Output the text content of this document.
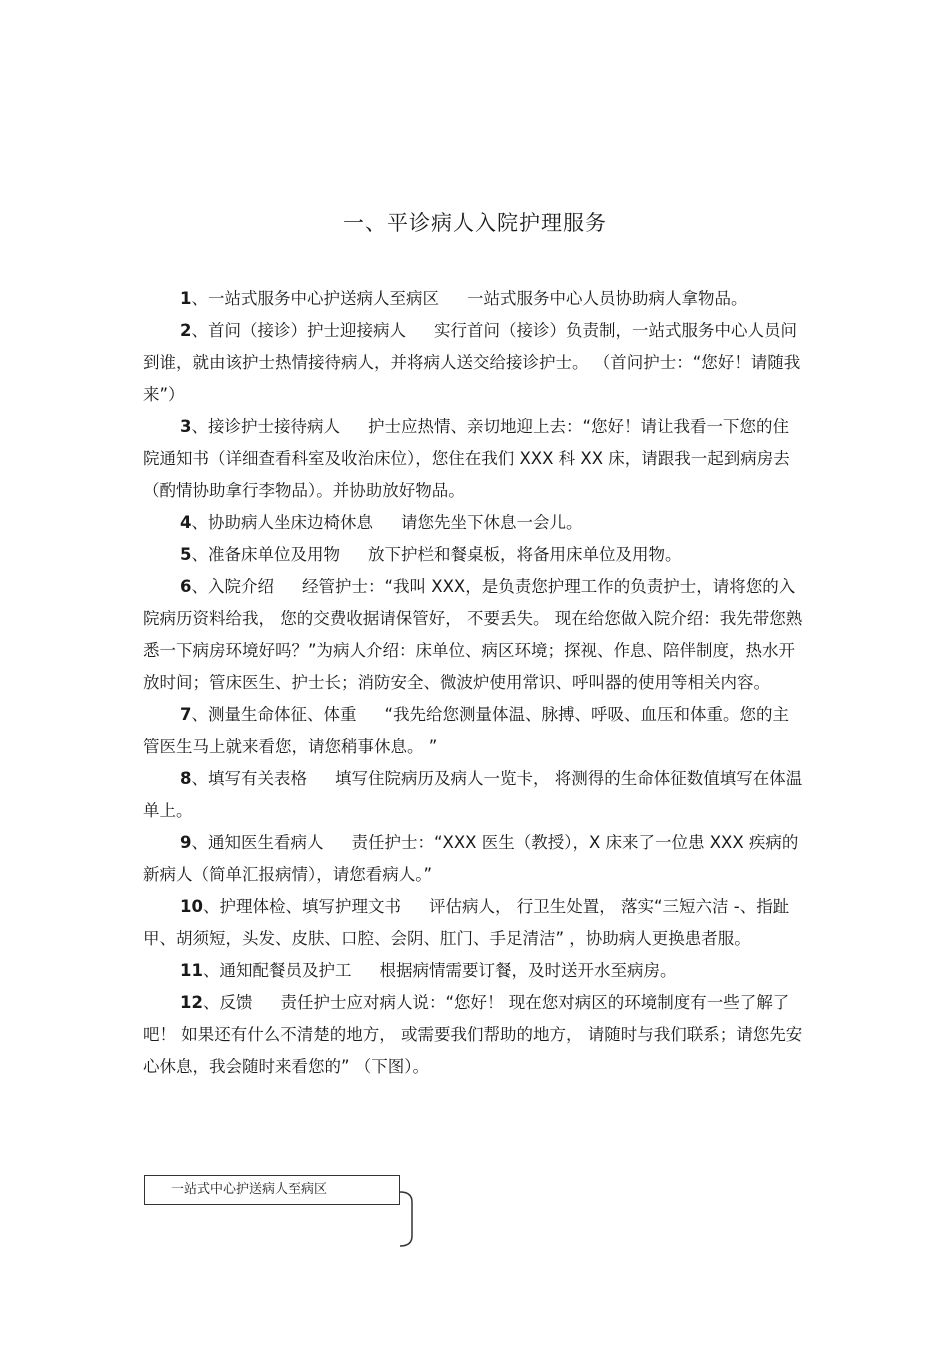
一、平诊病人入院护理服务

1、一站式服务中心护送病人至病区 一站式服务中心人员协助病人拿物品。

2、首问（接诊）护士迎接病人 实行首问（接诊）负责制，一站式服务中心人员问到谁，就由该护士热情接待病人，并将病人送交给接诊护士。 （首问护士：“您好！请随我来”）

3、接诊护士接待病人 护士应热情、亲切地迎上去：“您好！请让我看一下您的住院通知书（详细查看科室及收治床位），您住在我们 XXX 科 XX 床，请跟我一起到病房去（酌情协助拿行李物品）。并协助放好物品。

4、协助病人坐床边椅休息 请您先坐下休息一会儿。

5、准备床单位及用物 放下护栏和餐桌板，将备用床单位及用物。

6、入院介绍 经管护士：“我叫 XXX，是负责您护理工作的负责护士，请将您的入院病历资料给我， 您的交费收据请保管好， 不要丢失。 现在给您做入院介绍：我先带您熟悉一下病房环境好吗？”为病人介绍：床单位、病区环境；探视、作息、陪伴制度，热水开放时间；管床医生、护士长；消防安全、微波炉使用常识、呼叫器的使用等相关内容。

7、测量生命体征、体重 “我先给您测量体温、脉搏、呼吸、血压和体重。您的主管医生马上就来看您，请您稍事休息。 ”

8、填写有关表格 填写住院病历及病人一览卡， 将测得的生命体征数值填写在体温单上。

9、通知医生看病人 责任护士：“XXX 医生（教授），X 床来了一位患 XXX 疾病的新病人（简单汇报病情），请您看病人。”

10、护理体检、填写护理文书 评估病人， 行卫生处置， 落实“三短六洁 -、指趾甲、胡须短，头发、皮肤、口腔、会阴、肛门、手足清洁” ，协助病人更换患者服。

11、通知配餐员及护工 根据病情需要订餐，及时送开水至病房。

12、反馈 责任护士应对病人说：“您好！ 现在您对病区的环境制度有一些了解了吧！ 如果还有什么不清楚的地方， 或需要我们帮助的地方， 请随时与我们联系；请您先安心休息，我会随时来看您的” （下图）。

一站式中心护送病人至病区
